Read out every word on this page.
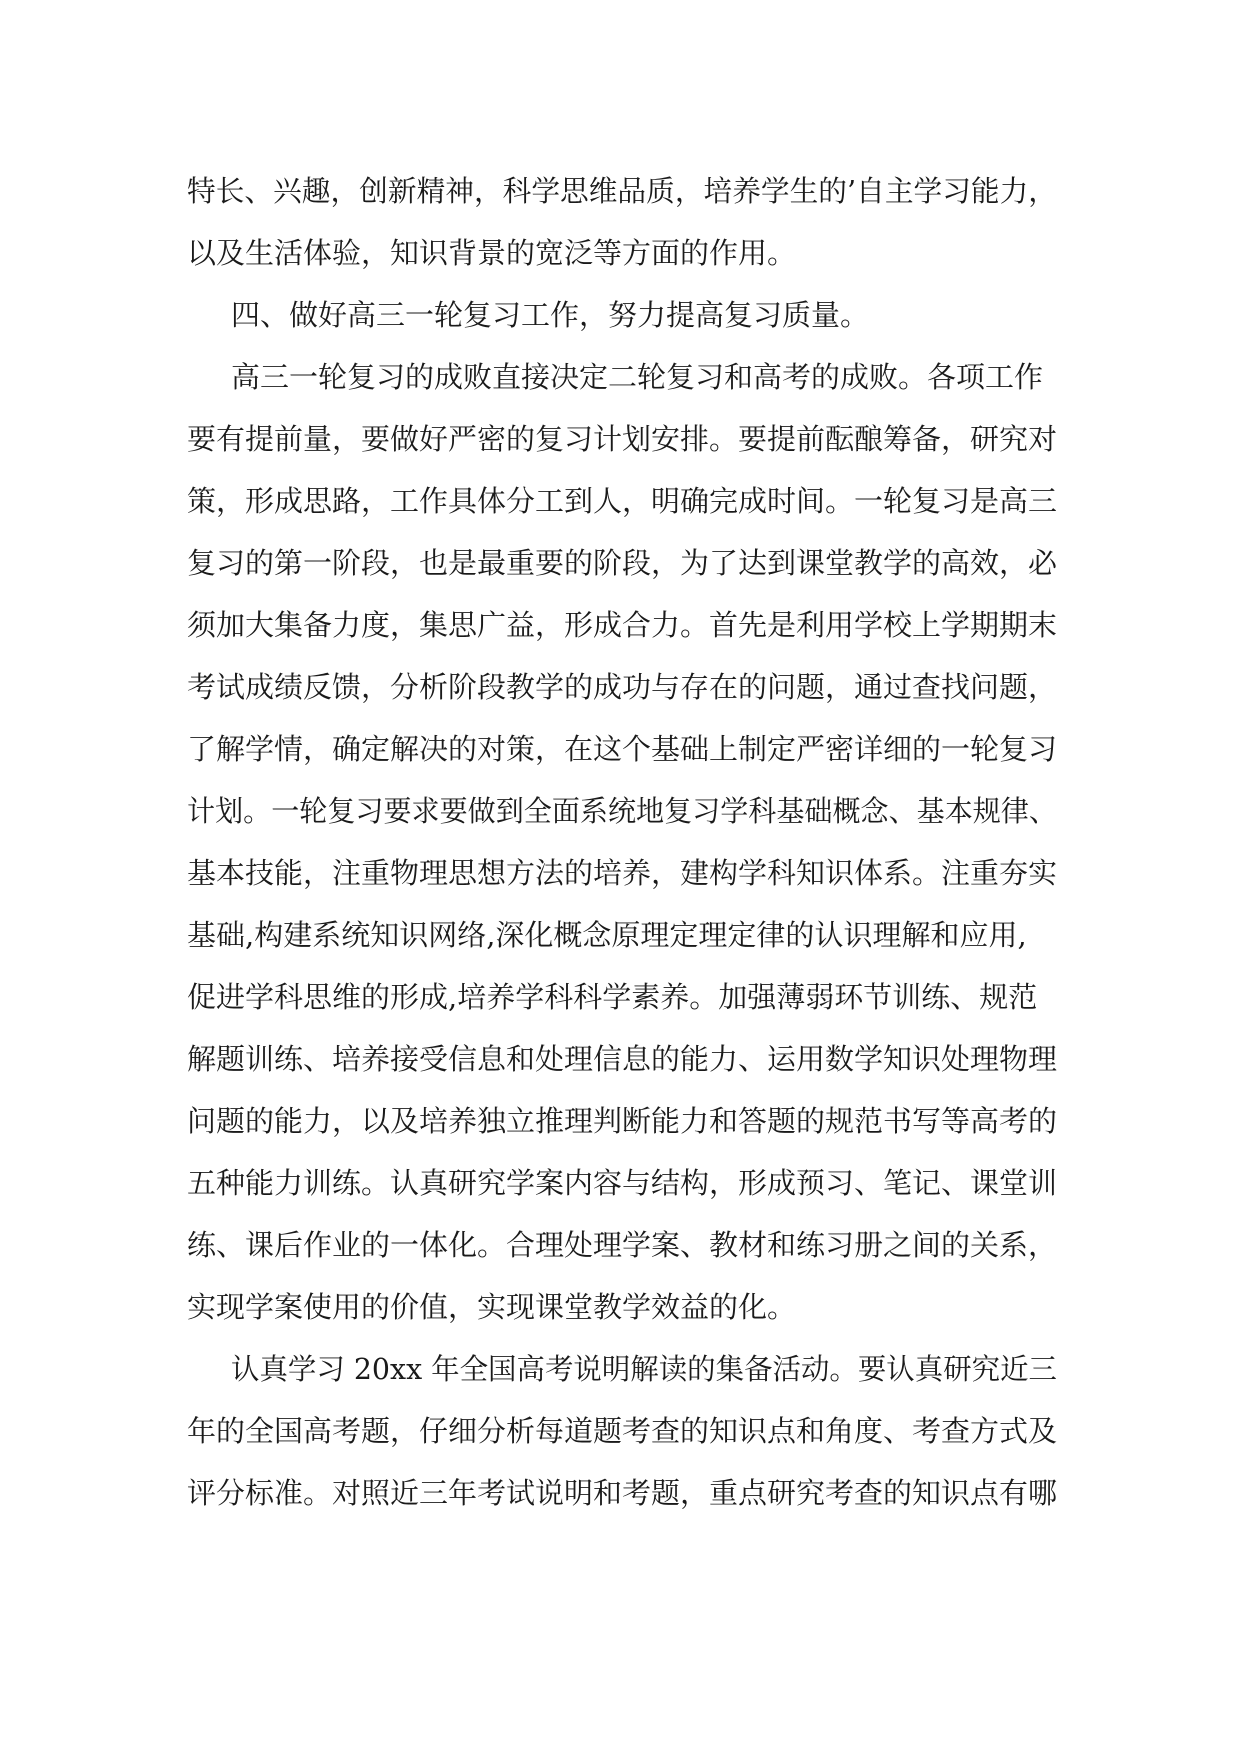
特长、兴趣，创新精神，科学思维品质，培养学生的’自主学习能力，
以及生活体验，知识背景的宽泛等方面的作用。
四、做好高三一轮复习工作，努力提高复习质量。
高三一轮复习的成败直接决定二轮复习和高考的成败。各项工作
要有提前量，要做好严密的复习计划安排。要提前酝酿筹备，研究对
策，形成思路，工作具体分工到人，明确完成时间。一轮复习是高三
复习的第一阶段，也是最重要的阶段，为了达到课堂教学的高效，必
须加大集备力度，集思广益，形成合力。首先是利用学校上学期期末
考试成绩反馈，分析阶段教学的成功与存在的问题，通过查找问题，
了解学情，确定解决的对策，在这个基础上制定严密详细的一轮复习
计划。一轮复习要求要做到全面系统地复习学科基础概念、基本规律、
基本技能，注重物理思想方法的培养，建构学科知识体系。注重夯实
基础,构建系统知识网络,深化概念原理定理定律的认识理解和应用,
促进学科思维的形成,培养学科科学素养。加强薄弱环节训练、规范
解题训练、培养接受信息和处理信息的能力、运用数学知识处理物理
问题的能力，以及培养独立推理判断能力和答题的规范书写等高考的
五种能力训练。认真研究学案内容与结构，形成预习、笔记、课堂训
练、课后作业的一体化。合理处理学案、教材和练习册之间的关系，
实现学案使用的价值，实现课堂教学效益的化。
认真学习 20xx 年全国高考说明解读的集备活动。要认真研究近三
年的全国高考题，仔细分析每道题考查的知识点和角度、考查方式及
评分标准。对照近三年考试说明和考题，重点研究考查的知识点有哪
